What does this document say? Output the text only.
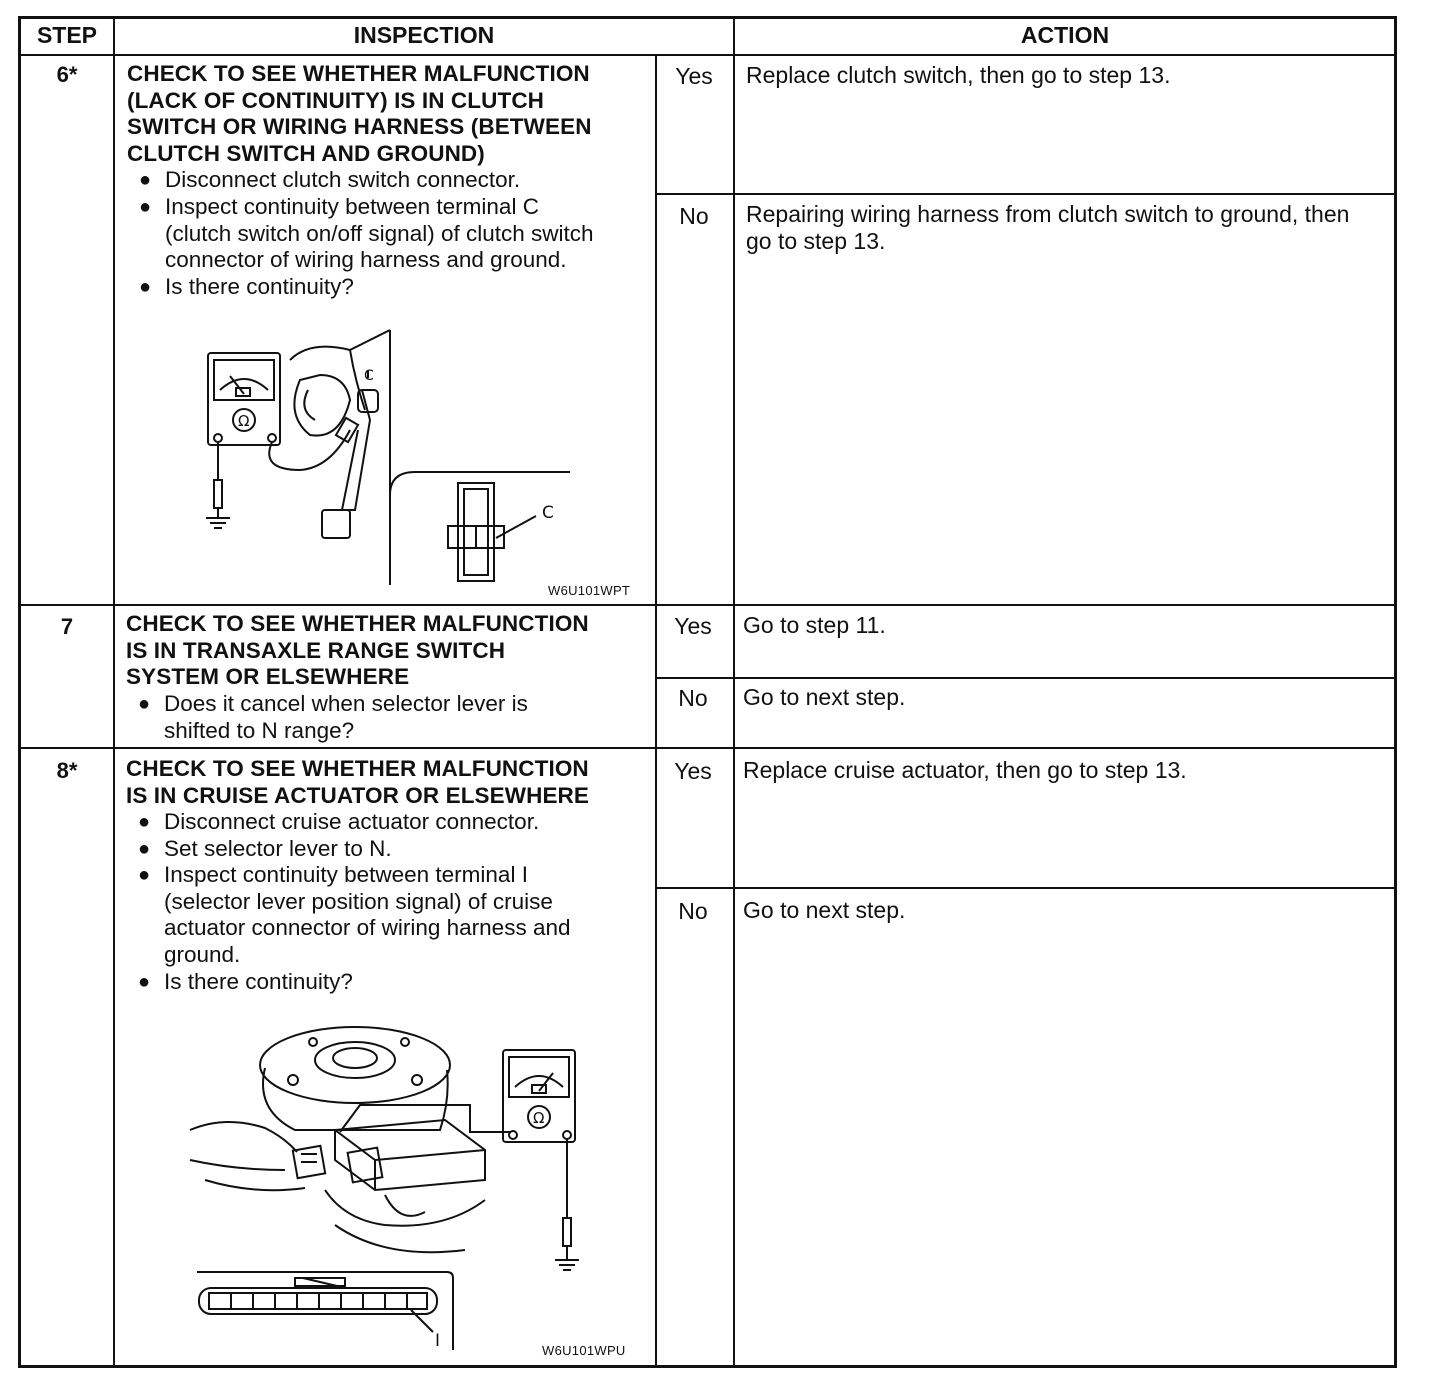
STEP	INSPECTION	ACTION
6*	CHECK TO SEE WHETHER MALFUNCTION
(LACK OF CONTINUITY) IS IN CLUTCH
SWITCH OR WIRING HARNESS (BETWEEN
CLUTCH SWITCH AND GROUND)
● Disconnect clutch switch connector.
● Inspect continuity between terminal C
(clutch switch on/off signal) of clutch switch
connector of wiring harness and ground.
● Is there continuity?
Ω
C
C
W6U101WPT
Yes	Replace clutch switch, then go to step 13.
No	Repairing wiring harness from clutch switch to ground, then
go to step 13.
7	CHECK TO SEE WHETHER MALFUNCTION
IS IN TRANSAXLE RANGE SWITCH
SYSTEM OR ELSEWHERE
● Does it cancel when selector lever is
shifted to N range?
Yes	Go to step 11.
No	Go to next step.
8*	CHECK TO SEE WHETHER MALFUNCTION
IS IN CRUISE ACTUATOR OR ELSEWHERE
● Disconnect cruise actuator connector.
● Set selector lever to N.
● Inspect continuity between terminal I
(selector lever position signal) of cruise
actuator connector of wiring harness and
ground.
● Is there continuity?
Ω
I	W6U101WPU
Yes	Replace cruise actuator, then go to step 13.
No	Go to next step.
